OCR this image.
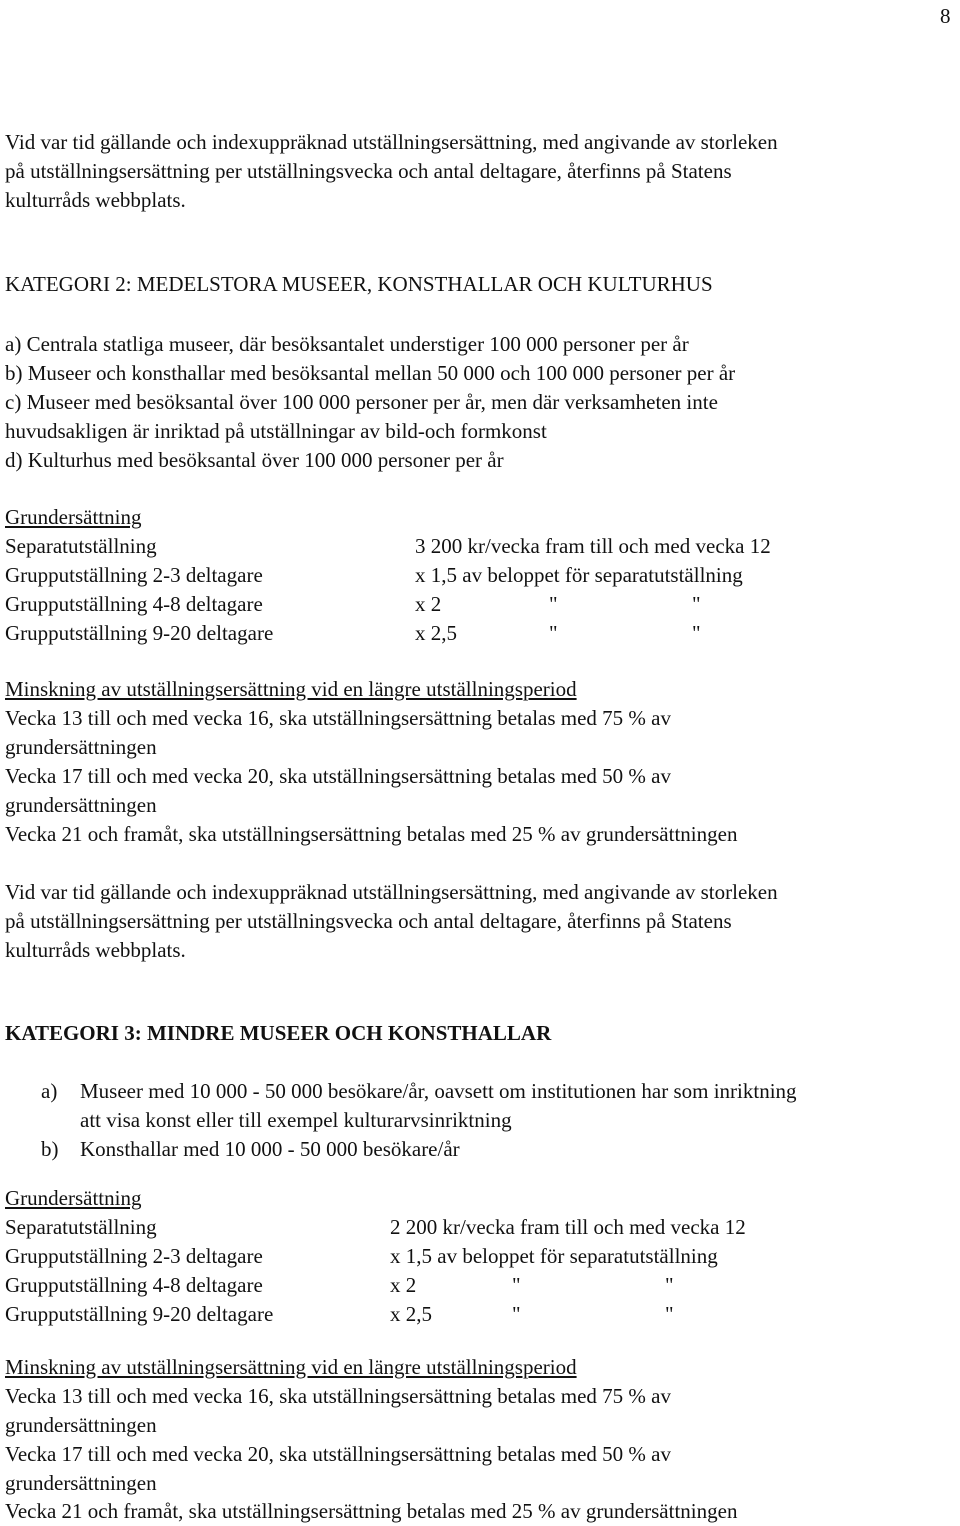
8
Vid var tid gällande och indexuppräknad utställningsersättning, med angivande av storleken
på utställningsersättning per utställningsvecka och antal deltagare, återfinns på Statens
kulturråds webbplats.
KATEGORI 2: MEDELSTORA MUSEER, KONSTHALLAR OCH KULTURHUS
a) Centrala statliga museer, där besöksantalet understiger 100 000 personer per år
b) Museer och konsthallar med besöksantal mellan 50 000 och 100 000 personer per år
c) Museer med besöksantal över 100 000 personer per år, men där verksamheten inte
huvudsakligen är inriktad på utställningar av bild-och formkonst
d) Kulturhus med besöksantal över 100 000 personer per år
Grundersättning
Separatutställning	3 200 kr/vecka fram till och med vecka 12
Grupputställning 2-3 deltagare	x 1,5 av beloppet för separatutställning
Grupputställning 4-8 deltagare	x 2	"	"
Grupputställning 9-20 deltagare	x 2,5	"	"
Minskning av utställningsersättning vid en längre utställningsperiod
Vecka 13 till och med vecka 16, ska utställningsersättning betalas med 75 % av
grundersättningen
Vecka 17 till och med vecka 20, ska utställningsersättning betalas med 50 % av
grundersättningen
Vecka 21 och framåt, ska utställningsersättning betalas med 25 % av grundersättningen
Vid var tid gällande och indexuppräknad utställningsersättning, med angivande av storleken
på utställningsersättning per utställningsvecka och antal deltagare, återfinns på Statens
kulturråds webbplats.
KATEGORI 3: MINDRE MUSEER OCH KONSTHALLAR
a) Museer med 10 000 - 50 000 besökare/år, oavsett om institutionen har som inriktning
att visa konst eller till exempel kulturarvsinriktning
b) Konsthallar med 10 000 - 50 000 besökare/år
Grundersättning
Separatutställning	2 200 kr/vecka fram till och med vecka 12
Grupputställning 2-3 deltagare	x 1,5 av beloppet för separatutställning
Grupputställning 4-8 deltagare	x 2	"	"
Grupputställning 9-20 deltagare	x 2,5	"	"
Minskning av utställningsersättning vid en längre utställningsperiod
Vecka 13 till och med vecka 16, ska utställningsersättning betalas med 75 % av
grundersättningen
Vecka 17 till och med vecka 20, ska utställningsersättning betalas med 50 % av
grundersättningen
Vecka 21 och framåt, ska utställningsersättning betalas med 25 % av grundersättningen
